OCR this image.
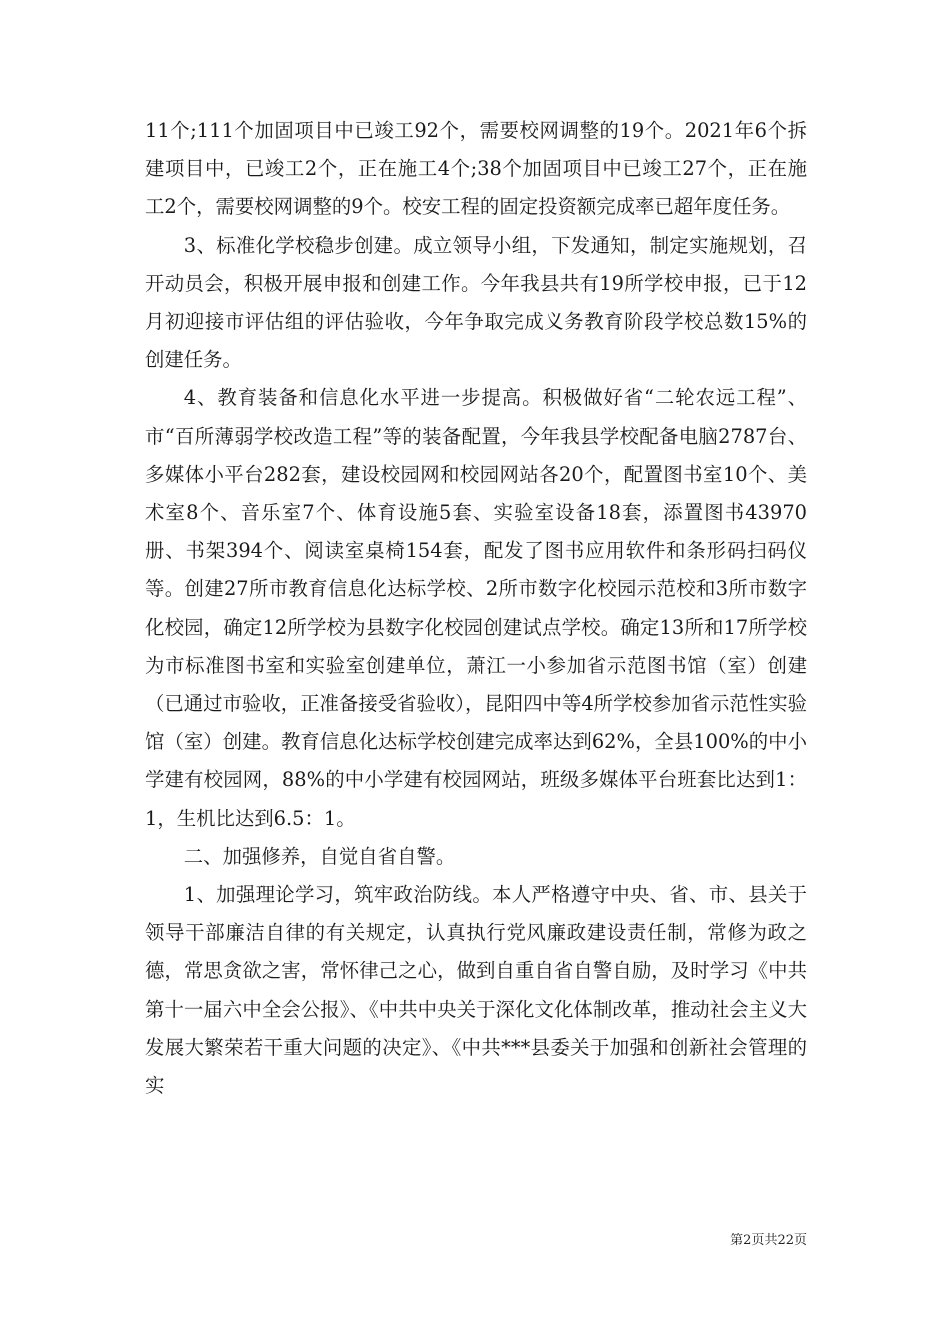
11个;111个加固项目中已竣工92个，需要校网调整的19个。2021年6个拆建项目中，已竣工2个，正在施工4个;38个加固项目中已竣工27个，正在施工2个，需要校网调整的9个。校安工程的固定投资额完成率已超年度任务。

3、标准化学校稳步创建。成立领导小组，下发通知，制定实施规划，召开动员会，积极开展申报和创建工作。今年我县共有19所学校申报，已于12月初迎接市评估组的评估验收，今年争取完成义务教育阶段学校总数15%的创建任务。

4、教育装备和信息化水平进一步提高。积极做好省“二轮农远工程”、市“百所薄弱学校改造工程”等的装备配置，今年我县学校配备电脑2787台、多媒体小平台282套，建设校园网和校园网站各20个，配置图书室10个、美术室8个、音乐室7个、体育设施5套、实验室设备18套，添置图书43970册、书架394个、阅读室桌椅154套，配发了图书应用软件和条形码扫码仪等。创建27所市教育信息化达标学校、2所市数字化校园示范校和3所市数字化校园，确定12所学校为县数字化校园创建试点学校。确定13所和17所学校为市标准图书室和实验室创建单位，萧江一小参加省示范图书馆（室）创建（已通过市验收，正准备接受省验收），昆阳四中等4所学校参加省示范性实验馆（室）创建。教育信息化达标学校创建完成率达到62%，全县100%的中小学建有校园网，88%的中小学建有校园网站，班级多媒体平台班套比达到1：1，生机比达到6.5：1。

二、加强修养，自觉自省自警。

1、加强理论学习，筑牢政治防线。本人严格遵守中央、省、市、县关于领导干部廉洁自律的有关规定，认真执行党风廉政建设责任制，常修为政之德，常思贪欲之害，常怀律己之心，做到自重自省自警自励，及时学习《中共第十一届六中全会公报》、《中共中央关于深化文化体制改革，推动社会主义大发展大繁荣若干重大问题的决定》、《中共***县委关于加强和创新社会管理的实

第2页共22页
